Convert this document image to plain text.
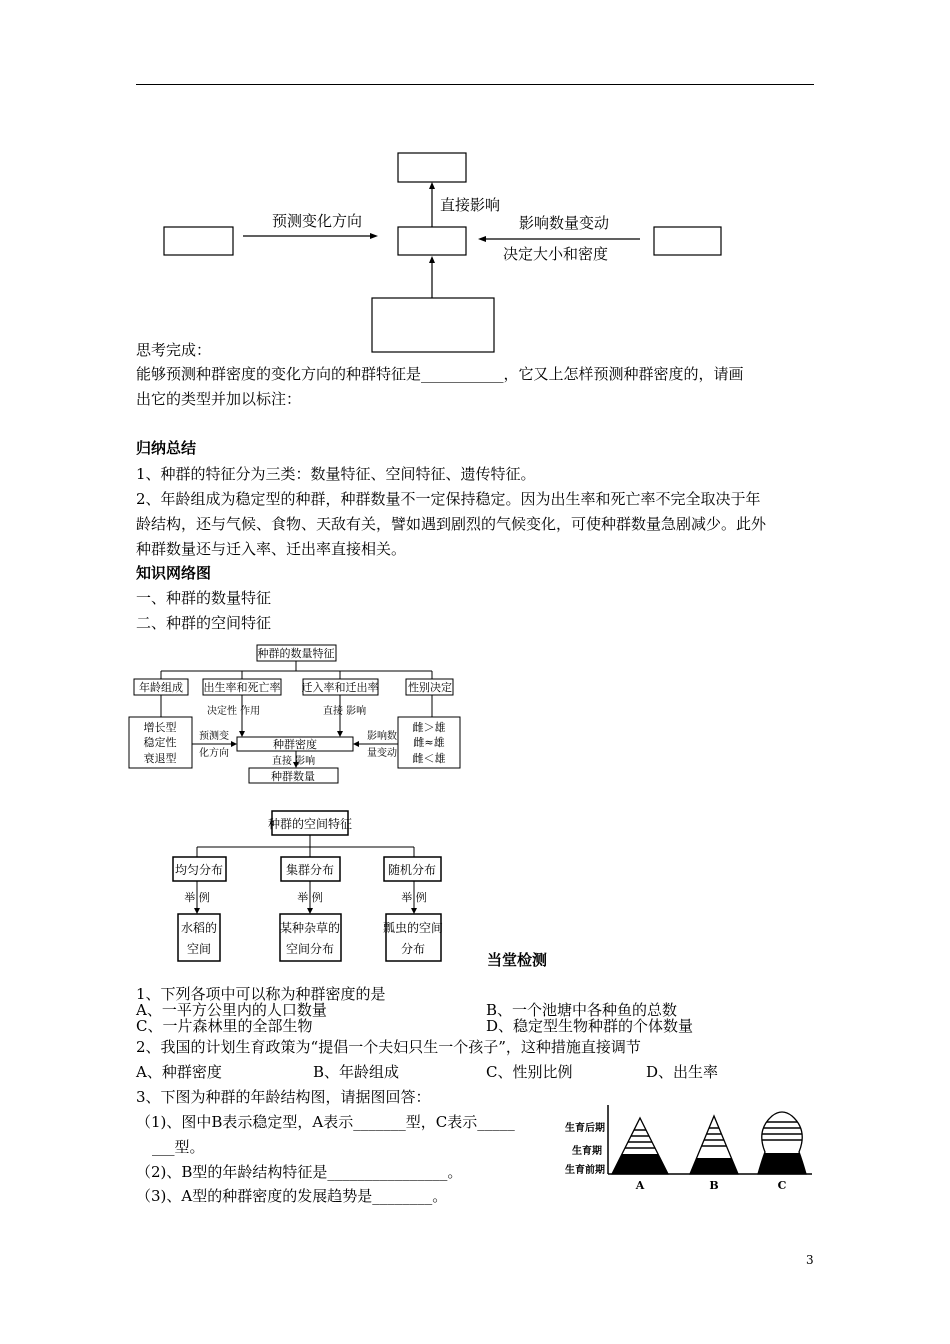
直接影响
预测变化方向	影响数量变动
决定大小和密度
思考完成：
能够预测种群密度的变化方向的种群特征是___________，它又上怎样预测种群密度的，请画
出它的类型并加以标注：
归纳总结
1、种群的特征分为三类：数量特征、空间特征、遗传特征。
2、年龄组成为稳定型的种群，种群数量不一定保持稳定。因为出生率和死亡率不完全取决于年
龄结构，还与气候、食物、天敌有关，譬如遇到剧烈的气候变化，可使种群数量急剧减少。此外
种群数量还与迁入率、迁出率直接相关。
知识网络图
一、种群的数量特征
二、种群的空间特征
种群的数量特征
年龄组成 出生率和死亡率 迁入率和迁出率	性别决定
增长型
稳定性
衰退型
雌＞雄
雌≈雄
雌＜雄
种群密度
种群数量
决定性 作用	直接 影响
预测变
化方向
影响数
量变动
直接 影响
种群的空间特征
均匀分布	集群分布	随机分布
举 例	举 例	举 例
水稻的
空间
某种杂草的
空间分布
瓢虫的空间
分布
当堂检测
1、下列各项中可以称为种群密度的是
A、一平方公里内的人口数量	B、一个池塘中各种鱼的总数
C、一片森林里的全部生物	D、稳定型生物种群的个体数量
2、我国的计划生育政策为“提倡一个夫妇只生一个孩子”，这种措施直接调节
A、种群密度	B、年龄组成	C、性别比例	D、出生率
3、下图为种群的年龄结构图，请据图回答：
（1)、图中B表示稳定型，A表示_______型，C表示_____
___型。
（2)、B型的年龄结构特征是________________。
（3)、A型的种群密度的发展趋势是________。
生育后期
生育期
生育前期
A	B	C
3
